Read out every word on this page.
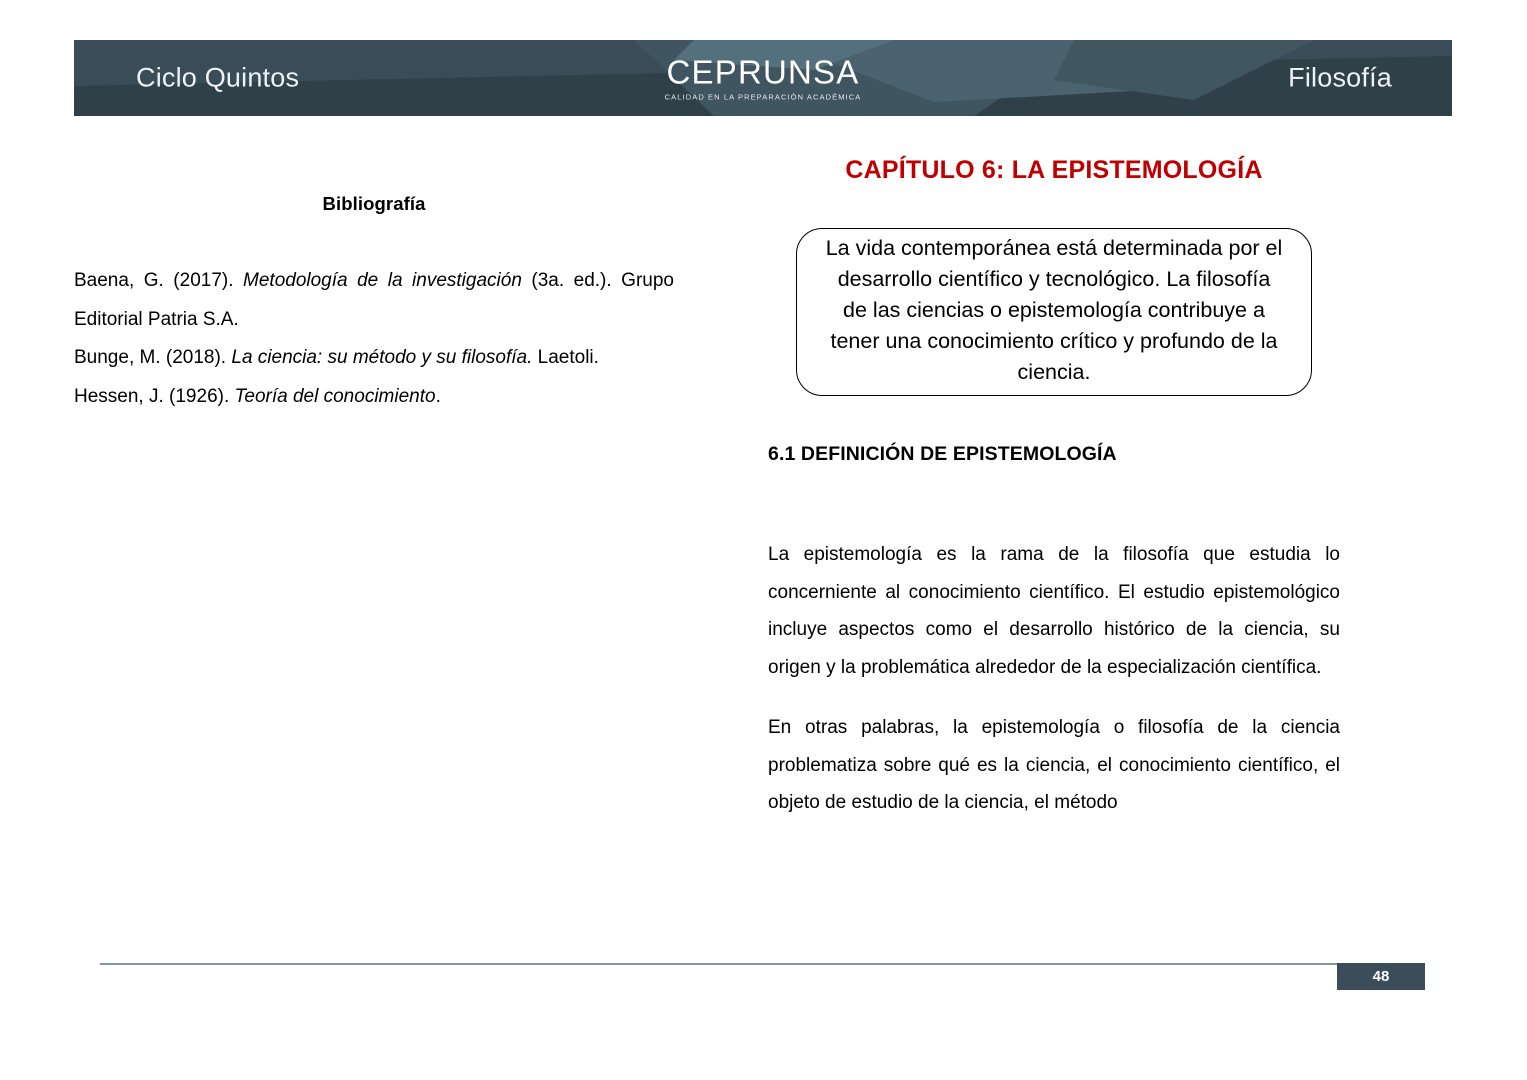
Ciclo Quintos	CEPRUNSA
CALIDAD EN LA PREPARACIÓN ACADÉMICA
Filosofía
Bibliografía

Baena, G. (2017). Metodología de la investigación (3a. ed.). Grupo Editorial Patria S.A.

Bunge, M. (2018). La ciencia: su método y su filosofía. Laetoli.

Hessen, J. (1926). Teoría del conocimiento.

CAPÍTULO 6: LA EPISTEMOLOGÍA
La vida contemporánea está determinada por el desarrollo científico y tecnológico. La filosofía de las ciencias o epistemología contribuye a tener una conocimiento crítico y profundo de la ciencia.
6.1 DEFINICIÓN DE EPISTEMOLOGÍA

La epistemología es la rama de la filosofía que estudia lo concerniente al conocimiento científico. El estudio epistemológico incluye aspectos como el desarrollo histórico de la ciencia, su origen y la problemática alrededor de la especialización científica.

En otras palabras, la epistemología o filosofía de la ciencia problematiza sobre qué es la ciencia, el conocimiento científico, el objeto de estudio de la ciencia, el método

48
